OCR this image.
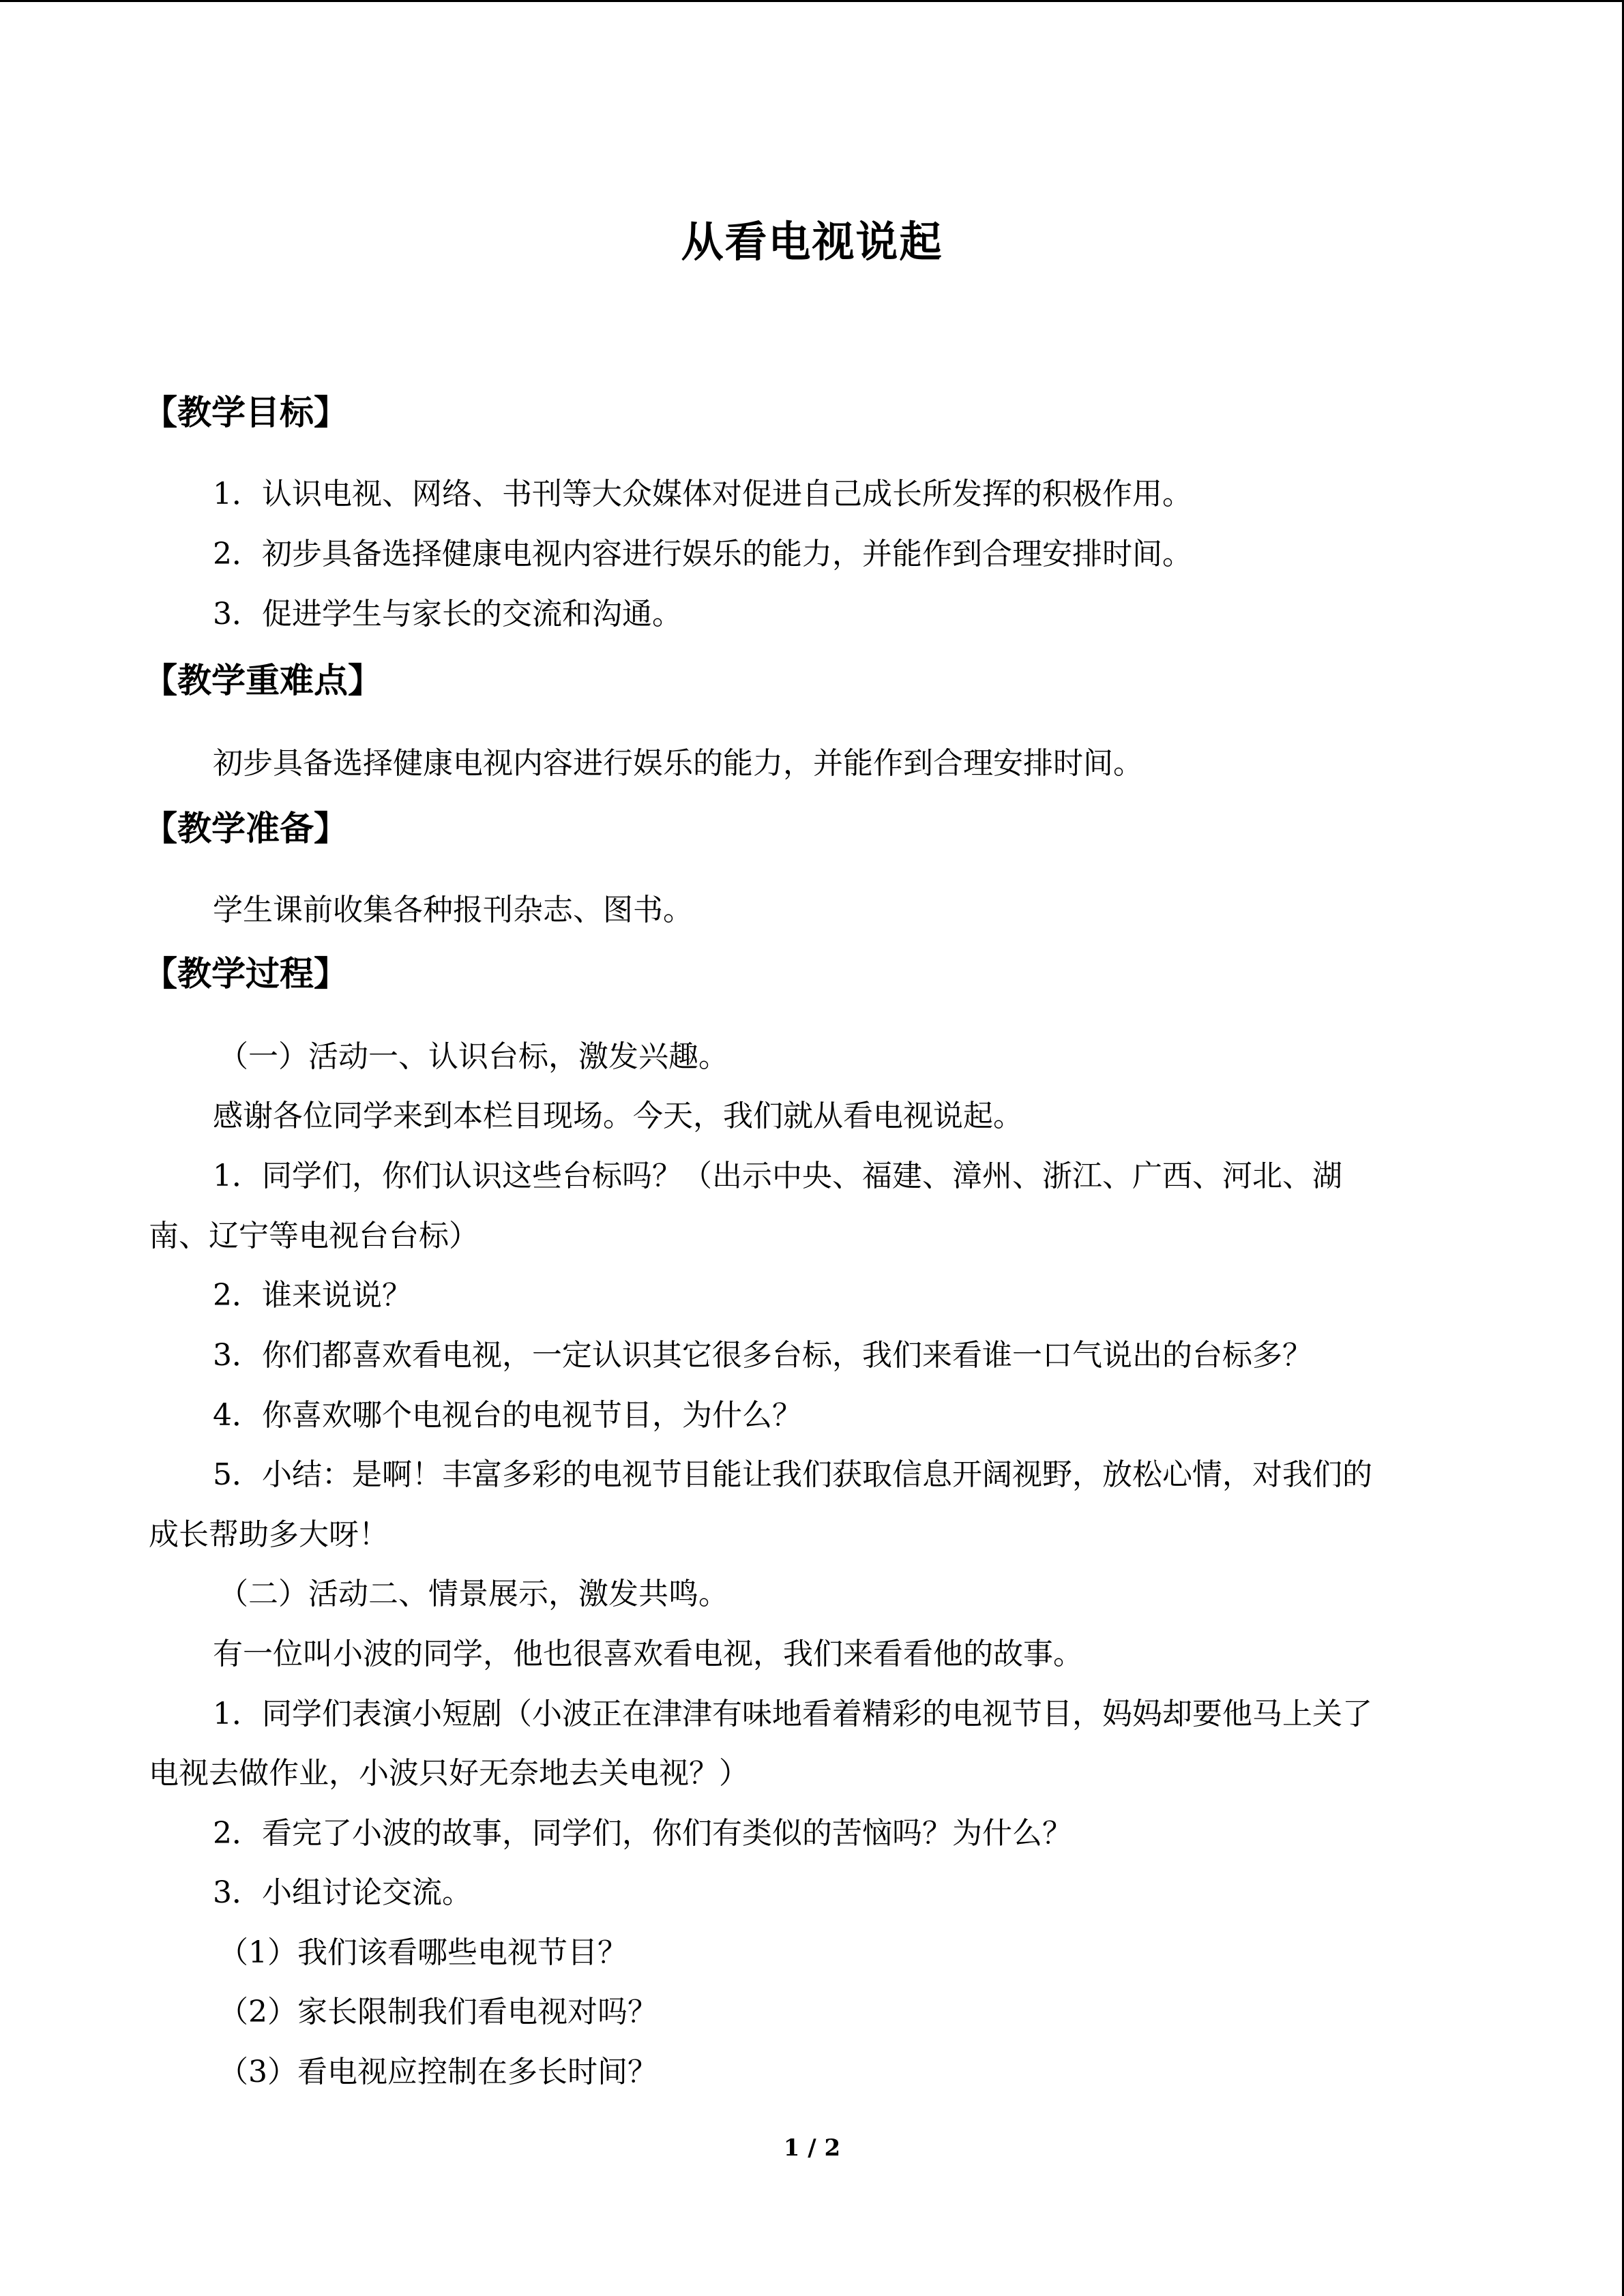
从看电视说起
【教学目标】
1．认识电视、网络、书刊等大众媒体对促进自己成长所发挥的积极作用。
2．初步具备选择健康电视内容进行娱乐的能力，并能作到合理安排时间。
3．促进学生与家长的交流和沟通。
【教学重难点】
初步具备选择健康电视内容进行娱乐的能力，并能作到合理安排时间。
【教学准备】
学生课前收集各种报刊杂志、图书。
【教学过程】
（一）活动一、认识台标，激发兴趣。
感谢各位同学来到本栏目现场。今天，我们就从看电视说起。
1．同学们，你们认识这些台标吗？（出示中央、福建、漳州、浙江、广西、河北、湖
南、辽宁等电视台台标）
2．谁来说说？
3．你们都喜欢看电视，一定认识其它很多台标，我们来看谁一口气说出的台标多？
4．你喜欢哪个电视台的电视节目，为什么？
5．小结：是啊！丰富多彩的电视节目能让我们获取信息开阔视野，放松心情，对我们的
成长帮助多大呀！
（二）活动二、情景展示，激发共鸣。
有一位叫小波的同学，他也很喜欢看电视，我们来看看他的故事。
1．同学们表演小短剧（小波正在津津有味地看着精彩的电视节目，妈妈却要他马上关了
电视去做作业，小波只好无奈地去关电视？）
2．看完了小波的故事，同学们，你们有类似的苦恼吗？为什么？
3．小组讨论交流。
（1）我们该看哪些电视节目？
（2）家长限制我们看电视对吗？
（3）看电视应控制在多长时间？
1 / 2
